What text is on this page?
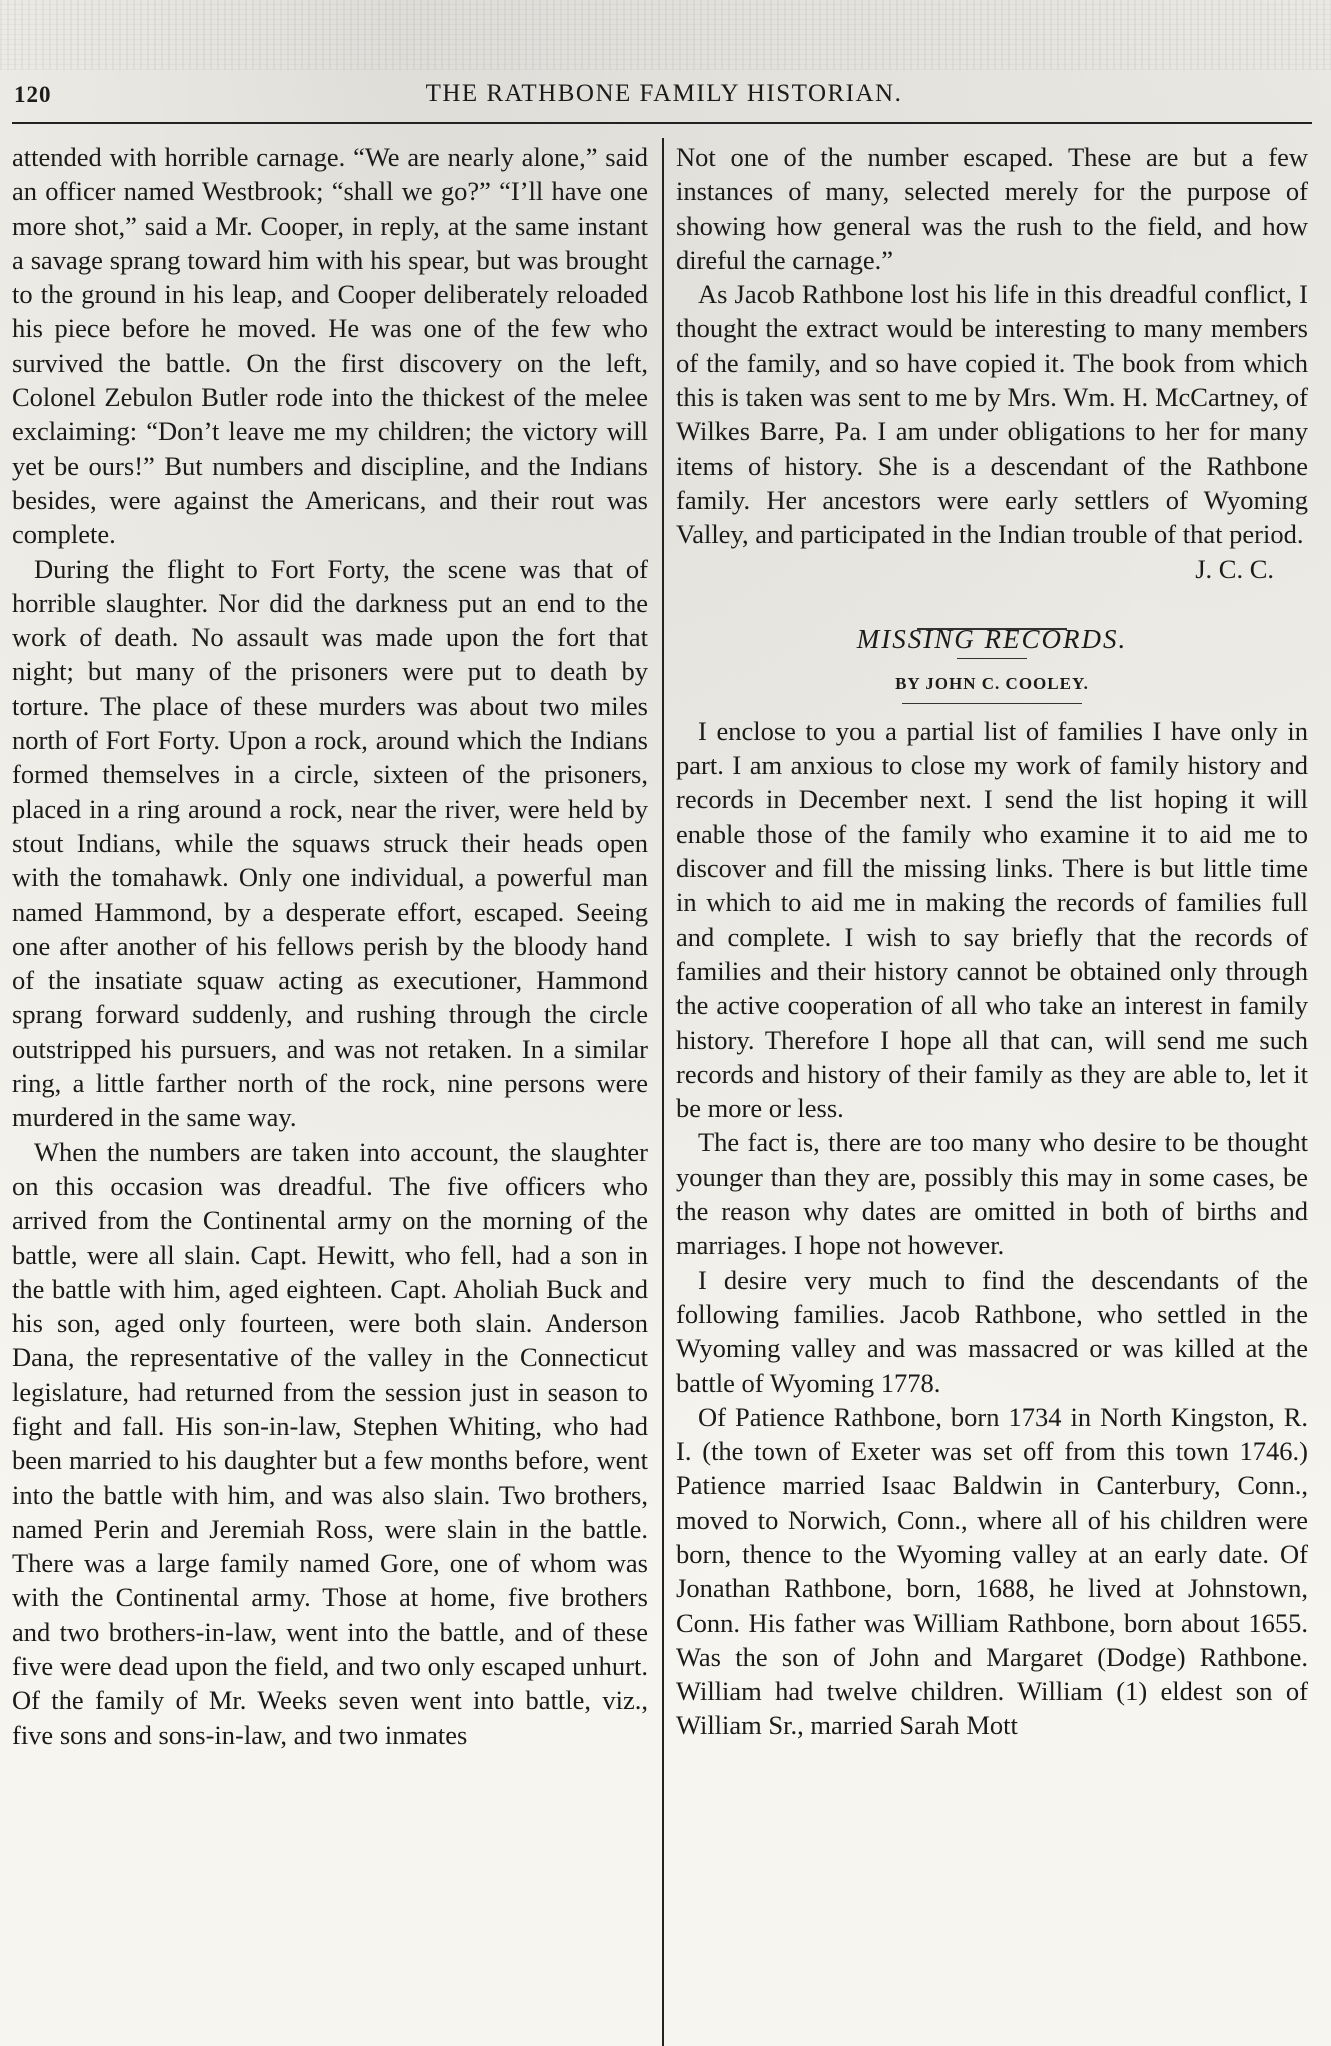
120	THE RATHBONE FAMILY HISTORIAN.

attended with horrible carnage. “We are nearly alone,” said an officer named Westbrook; “shall we go?” “I’ll have one more shot,” said a Mr. Cooper, in reply, at the same instant a savage sprang toward him with his spear, but was brought to the ground in his leap, and Cooper deliberately reloaded his piece before he moved. He was one of the few who survived the battle. On the first discovery on the left, Colonel Zebulon Butler rode into the thickest of the melee exclaiming: “Don’t leave me my children; the victory will yet be ours!” But numbers and discipline, and the Indians besides, were against the Americans, and their rout was complete.

During the flight to Fort Forty, the scene was that of horrible slaughter. Nor did the darkness put an end to the work of death. No assault was made upon the fort that night; but many of the prisoners were put to death by torture. The place of these murders was about two miles north of Fort Forty. Upon a rock, around which the Indians formed themselves in a circle, sixteen of the prisoners, placed in a ring around a rock, near the river, were held by stout Indians, while the squaws struck their heads open with the tomahawk. Only one individual, a powerful man named Hammond, by a desperate effort, escaped. Seeing one after another of his fellows perish by the bloody hand of the insatiate squaw acting as executioner, Hammond sprang forward suddenly, and rushing through the circle outstripped his pursuers, and was not retaken. In a similar ring, a little farther north of the rock, nine persons were murdered in the same way.

When the numbers are taken into account, the slaughter on this occasion was dreadful. The five officers who arrived from the Continental army on the morning of the battle, were all slain. Capt. Hewitt, who fell, had a son in the battle with him, aged eighteen. Capt. Aholiah Buck and his son, aged only fourteen, were both slain. Anderson Dana, the representative of the valley in the Connecticut legislature, had returned from the session just in season to fight and fall. His son-in-law, Stephen Whiting, who had been married to his daughter but a few months before, went into the battle with him, and was also slain. Two brothers, named Perin and Jeremiah Ross, were slain in the battle. There was a large family named Gore, one of whom was with the Continental army. Those at home, five brothers and two brothers-in-law, went into the battle, and of these five were dead upon the field, and two only escaped unhurt. Of the family of Mr. Weeks seven went into battle, viz., five sons and sons-in-law, and two inmates

Not one of the number escaped. These are but a few instances of many, selected merely for the purpose of showing how general was the rush to the field, and how direful the carnage.”

As Jacob Rathbone lost his life in this dreadful conflict, I thought the extract would be interesting to many members of the family, and so have copied it. The book from which this is taken was sent to me by Mrs. Wm. H. McCartney, of Wilkes Barre, Pa. I am under obligations to her for many items of history. She is a descendant of the Rathbone family. Her ancestors were early settlers of Wyoming Valley, and participated in the Indian trouble of that period.

J. C. C.

MISSING RECORDS.
BY JOHN C. COOLEY.

I enclose to you a partial list of families I have only in part. I am anxious to close my work of family history and records in December next. I send the list hoping it will enable those of the family who examine it to aid me to discover and fill the missing links. There is but little time in which to aid me in making the records of families full and complete. I wish to say briefly that the records of families and their history cannot be obtained only through the active cooperation of all who take an interest in family history. Therefore I hope all that can, will send me such records and history of their family as they are able to, let it be more or less.

The fact is, there are too many who desire to be thought younger than they are, possibly this may in some cases, be the reason why dates are omitted in both of births and marriages. I hope not however.

I desire very much to find the descendants of the following families. Jacob Rathbone, who settled in the Wyoming valley and was massacred or was killed at the battle of Wyoming 1778.

Of Patience Rathbone, born 1734 in North Kingston, R. I. (the town of Exeter was set off from this town 1746.) Patience married Isaac Baldwin in Canterbury, Conn., moved to Norwich, Conn., where all of his children were born, thence to the Wyoming valley at an early date. Of Jonathan Rathbone, born, 1688, he lived at Johnstown, Conn. His father was William Rathbone, born about 1655. Was the son of John and Margaret (Dodge) Rathbone. William had twelve children. William (1) eldest son of William Sr., married Sarah Mott
